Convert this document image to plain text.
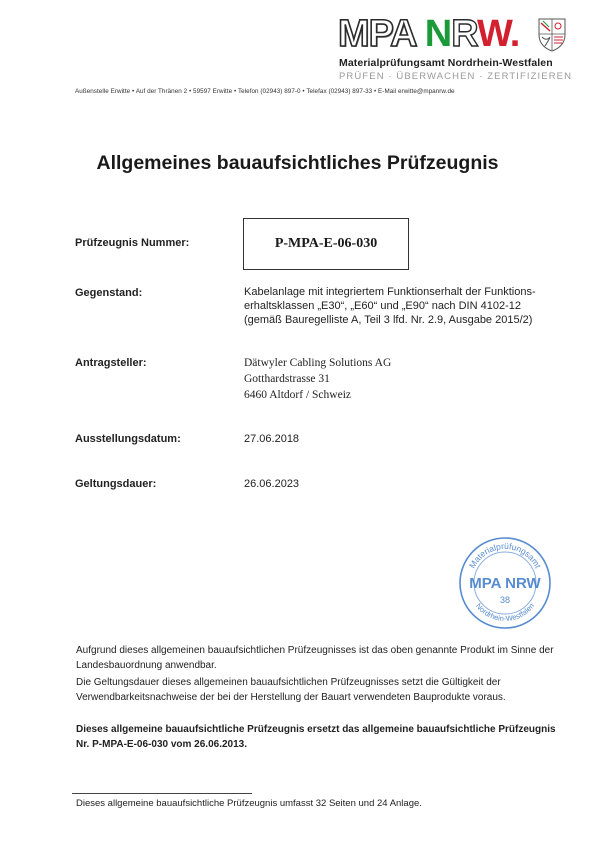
MPA NRW.
Materialprüfungsamt Nordrhein-Westfalen
PRÜFEN · ÜBERWACHEN · ZERTIFIZIEREN
Außenstelle Erwitte • Auf der Thränen 2 • 59597 Erwitte • Telefon (02943) 897-0 • Telefax (02943) 897-33 • E-Mail erwitte@mpanrw.de
Allgemeines bauaufsichtliches Prüfzeugnis
Prüfzeugnis Nummer:	P-MPA-E-06-030
Gegenstand:	Kabelanlage mit integriertem Funktionserhalt der Funktions-
erhaltsklassen „E30“, „E60“ und „E90“ nach DIN 4102-12
(gemäß Bauregelliste A, Teil 3 lfd. Nr. 2.9, Ausgabe 2015/2)
Antragsteller:	Dätwyler Cabling Solutions AG
Gotthardstrasse 31
6460 Altdorf / Schweiz
Ausstellungsdatum:	27.06.2018
Geltungsdauer:	26.06.2023
Materialprüfungsamt
Nordrhein-Westfalen
MPA NRW
38
Aufgrund dieses allgemeinen bauaufsichtlichen Prüfzeugnisses ist das oben genannte Produkt im Sinne der Landesbauordnung anwendbar.
Die Geltungsdauer dieses allgemeinen bauaufsichtlichen Prüfzeugnisses setzt die Gültigkeit der Verwendbarkeitsnachweise der bei der Herstellung der Bauart verwendeten Bauprodukte voraus.
Dieses allgemeine bauaufsichtliche Prüfzeugnis ersetzt das allgemeine bauaufsichtliche Prüfzeugnis Nr. P-MPA-E-06-030 vom 26.06.2013.
Dieses allgemeine bauaufsichtliche Prüfzeugnis umfasst 32 Seiten und 24 Anlage.
